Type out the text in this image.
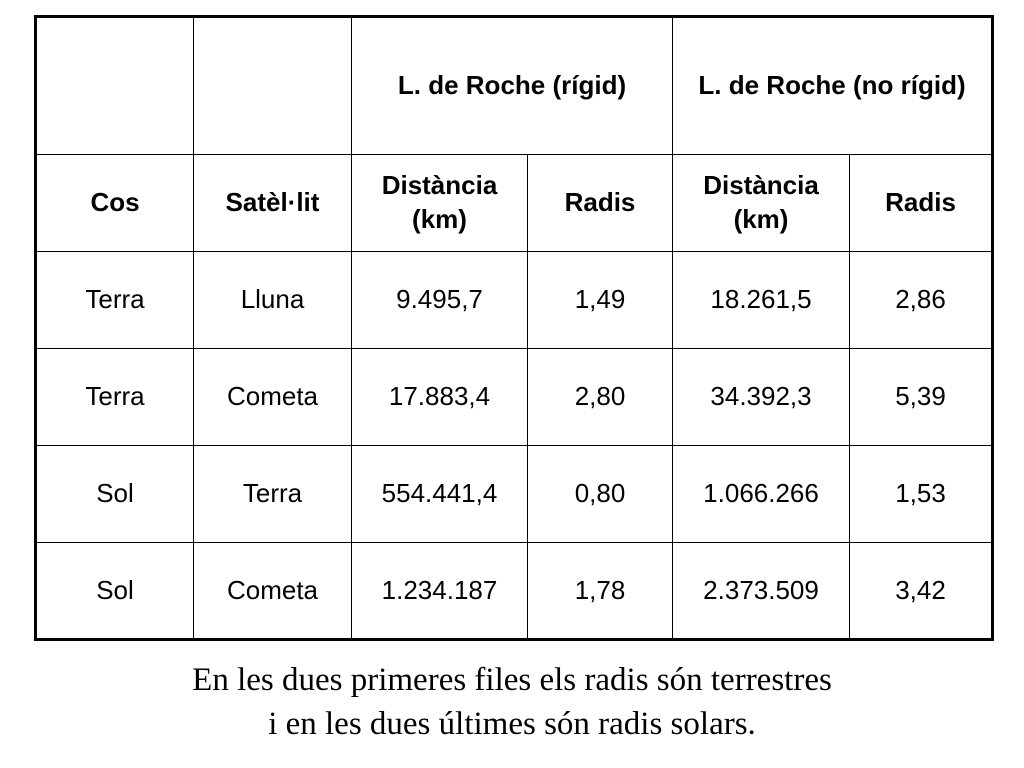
		L. de Roche (rígid)		L. de Roche (no rígid)	
Cos	Satèl·lit	Distància (km)	Radis	Distància (km)	Radis
Terra	Lluna	9.495,7	1,49	18.261,5	2,86
Terra	Cometa	17.883,4	2,80	34.392,3	5,39
Sol	Terra	554.441,4	0,80	1.066.266	1,53
Sol	Cometa	1.234.187	1,78	2.373.509	3,42
En les dues primeres files els radis són terrestres
i en les dues últimes són radis solars.
